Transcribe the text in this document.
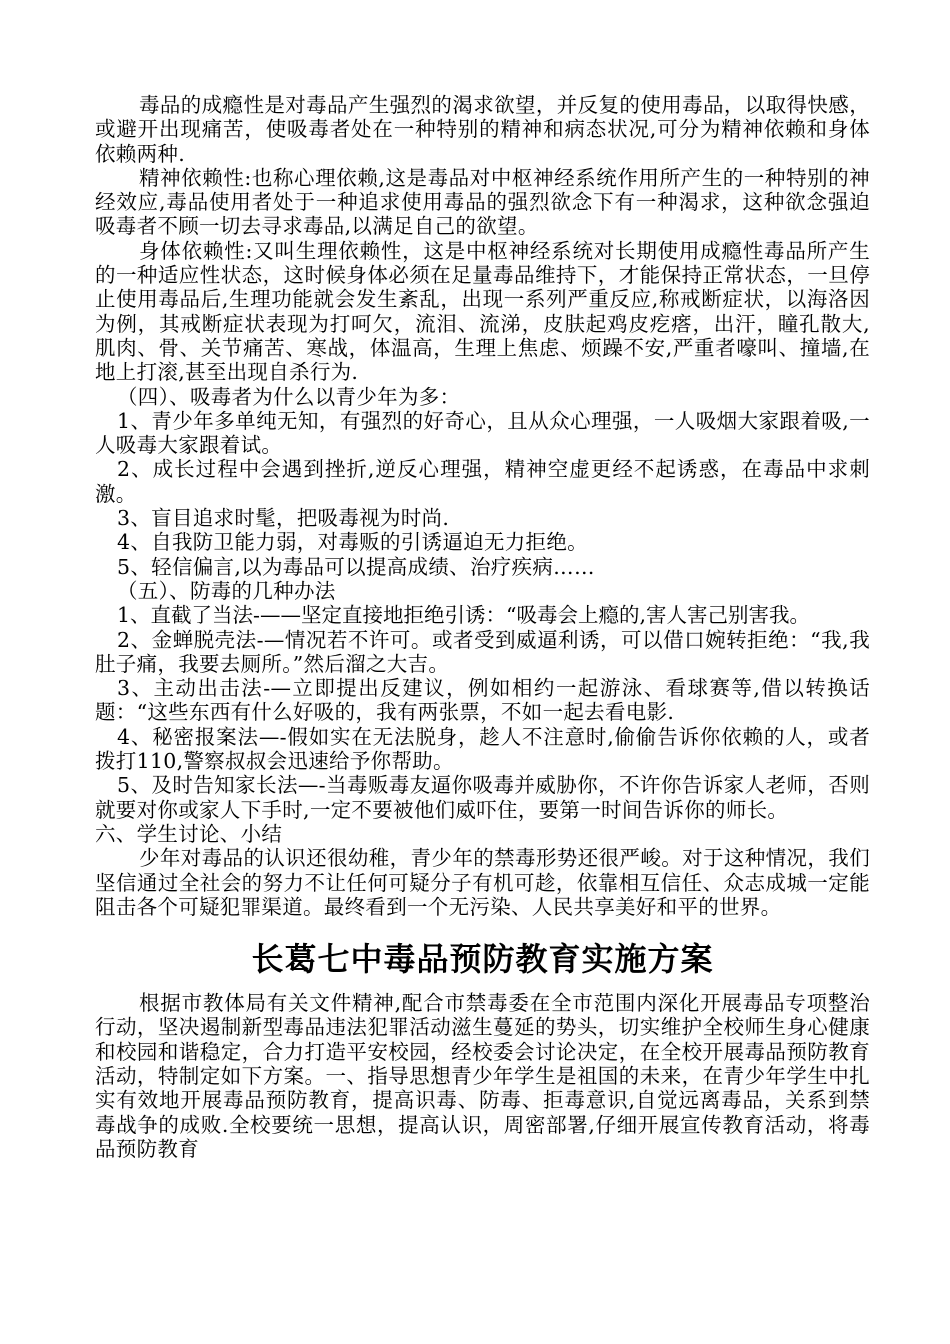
毒品的成瘾性是对毒品产生强烈的渴求欲望，并反复的使用毒品，以取得快感，或避开出现痛苦，使吸毒者处在一种特别的精神和病态状况,可分为精神依赖和身体依赖两种.

精神依赖性:也称心理依赖,这是毒品对中枢神经系统作用所产生的一种特别的神经效应,毒品使用者处于一种追求使用毒品的强烈欲念下有一种渴求，这种欲念强迫吸毒者不顾一切去寻求毒品,以满足自己的欲望。

身体依赖性:又叫生理依赖性，这是中枢神经系统对长期使用成瘾性毒品所产生的一种适应性状态，这时候身体必须在足量毒品维持下，才能保持正常状态，一旦停止使用毒品后,生理功能就会发生紊乱，出现一系列严重反应,称戒断症状，以海洛因为例，其戒断症状表现为打呵欠，流泪、流涕，皮肤起鸡皮疙瘩，出汗，瞳孔散大,肌肉、骨、关节痛苦、寒战，体温高，生理上焦虑、烦躁不安,严重者嚎叫、撞墙,在地上打滚,甚至出现自杀行为.

（四）、吸毒者为什么以青少年为多：

1、青少年多单纯无知，有强烈的好奇心，且从众心理强，一人吸烟大家跟着吸,一人吸毒大家跟着试。

2、成长过程中会遇到挫折,逆反心理强，精神空虚更经不起诱惑，在毒品中求刺激。

3、盲目追求时髦，把吸毒视为时尚.

4、自我防卫能力弱，对毒贩的引诱逼迫无力拒绝。

5、轻信偏言,以为毒品可以提高成绩、治疗疾病……

（五）、防毒的几种办法

1、直截了当法-——坚定直接地拒绝引诱：“吸毒会上瘾的,害人害己别害我。

2、金蝉脱壳法-—情况若不许可。或者受到威逼利诱，可以借口婉转拒绝：“我,我肚子痛，我要去厕所。”然后溜之大吉。

3、主动出击法-—立即提出反建议，例如相约一起游泳、看球赛等,借以转换话题：“这些东西有什么好吸的，我有两张票，不如一起去看电影.

4、秘密报案法—-假如实在无法脱身，趁人不注意时,偷偷告诉你依赖的人，或者拨打110,警察叔叔会迅速给予你帮助。

5、及时告知家长法—-当毒贩毒友逼你吸毒并威胁你，不许你告诉家人老师，否则就要对你或家人下手时,一定不要被他们威吓住，要第一时间告诉你的师长。

六、学生讨论、小结

少年对毒品的认识还很幼稚，青少年的禁毒形势还很严峻。对于这种情况，我们坚信通过全社会的努力不让任何可疑分子有机可趁，依靠相互信任、众志成城一定能阻击各个可疑犯罪渠道。最终看到一个无污染、人民共享美好和平的世界。

长葛七中毒品预防教育实施方案

根据市教体局有关文件精神,配合市禁毒委在全市范围内深化开展毒品专项整治行动，坚决遏制新型毒品违法犯罪活动滋生蔓延的势头，切实维护全校师生身心健康和校园和谐稳定，合力打造平安校园，经校委会讨论决定，在全校开展毒品预防教育活动，特制定如下方案。一、指导思想青少年学生是祖国的未来，在青少年学生中扎实有效地开展毒品预防教育，提高识毒、防毒、拒毒意识,自觉远离毒品，关系到禁毒战争的成败.全校要统一思想，提高认识，周密部署,仔细开展宣传教育活动，将毒品预防教育
